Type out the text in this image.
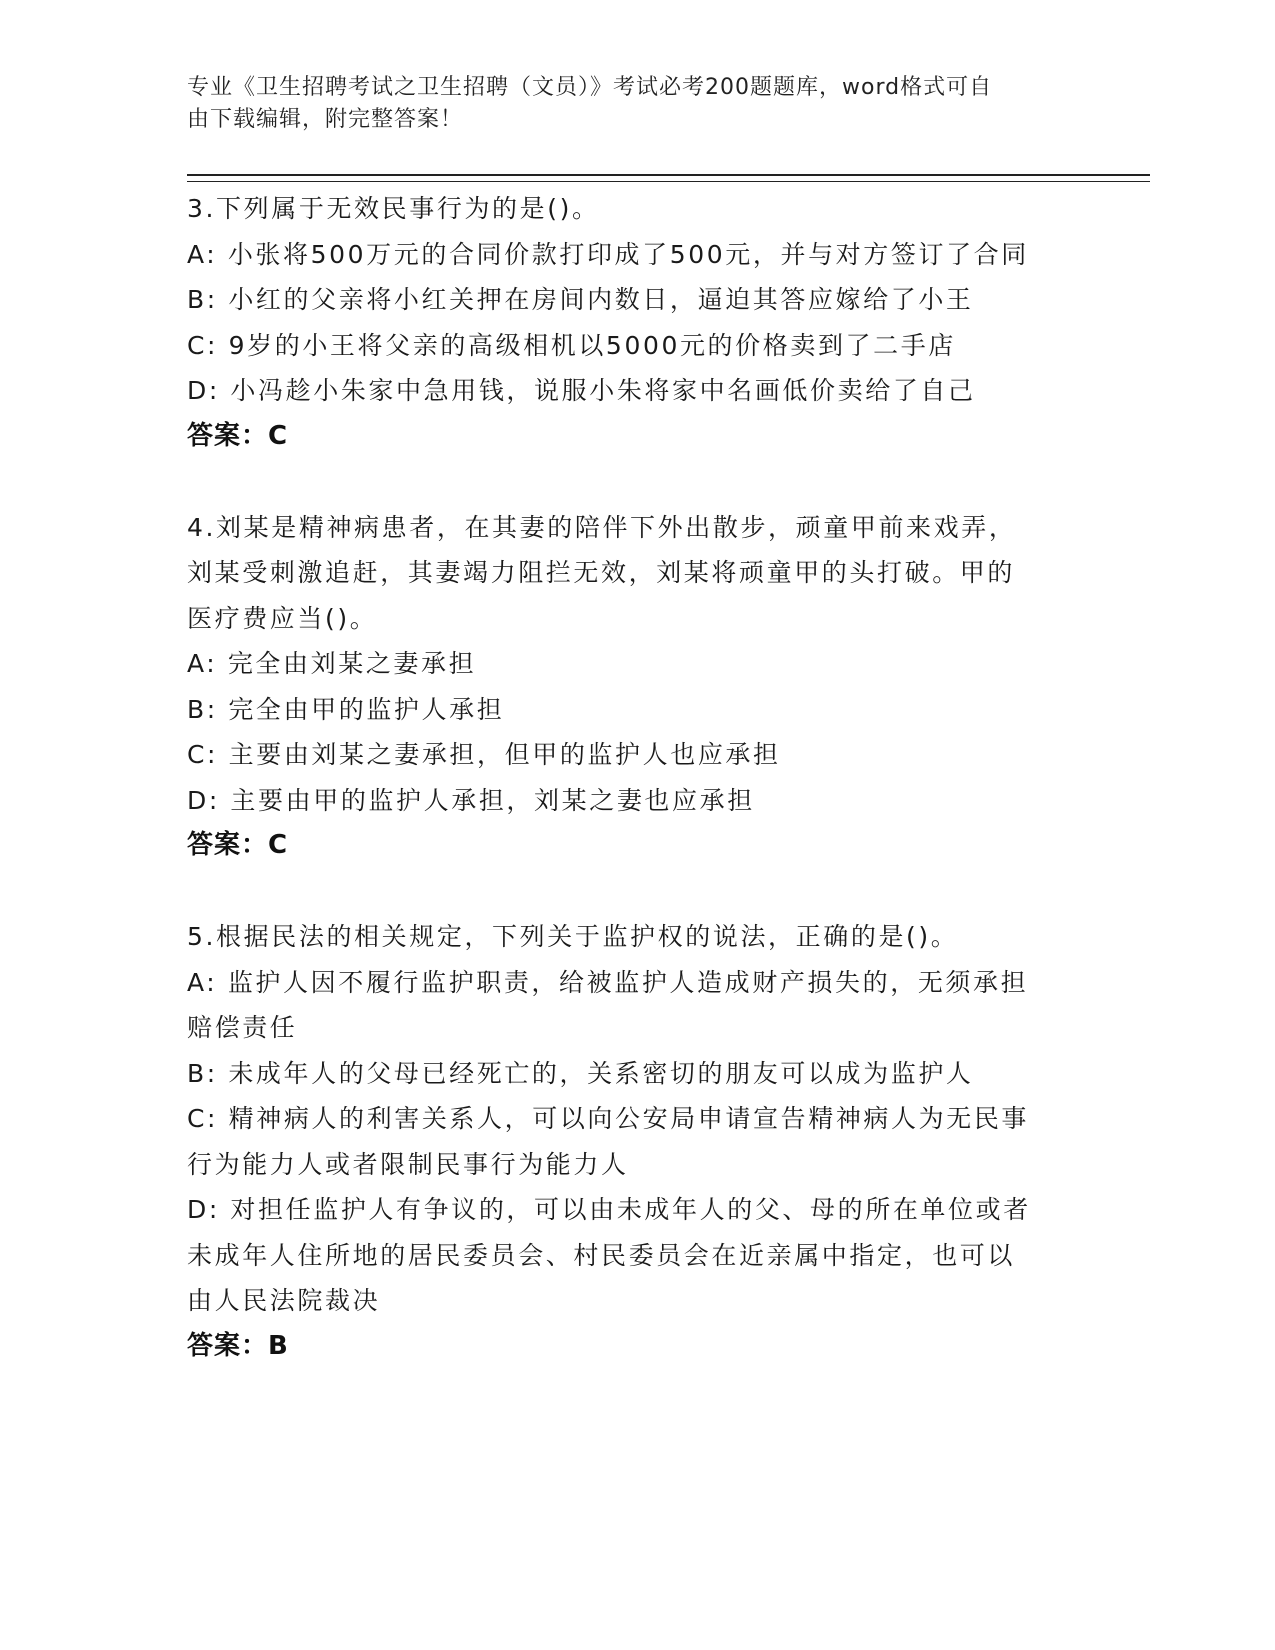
专业《卫生招聘考试之卫生招聘（文员）》考试必考200题题库，word格式可自
由下载编辑，附完整答案！
3.下列属于无效民事行为的是()。
A: 小张将500万元的合同价款打印成了500元，并与对方签订了合同
B: 小红的父亲将小红关押在房间内数日，逼迫其答应嫁给了小王
C: 9岁的小王将父亲的高级相机以5000元的价格卖到了二手店
D: 小冯趁小朱家中急用钱，说服小朱将家中名画低价卖给了自己
答案：C
4.刘某是精神病患者，在其妻的陪伴下外出散步，顽童甲前来戏弄，
刘某受刺激追赶，其妻竭力阻拦无效，刘某将顽童甲的头打破。甲的
医疗费应当()。
A: 完全由刘某之妻承担
B: 完全由甲的监护人承担
C: 主要由刘某之妻承担，但甲的监护人也应承担
D: 主要由甲的监护人承担，刘某之妻也应承担
答案：C
5.根据民法的相关规定，下列关于监护权的说法，正确的是()。
A: 监护人因不履行监护职责，给被监护人造成财产损失的，无须承担
赔偿责任
B: 未成年人的父母已经死亡的，关系密切的朋友可以成为监护人
C: 精神病人的利害关系人，可以向公安局申请宣告精神病人为无民事
行为能力人或者限制民事行为能力人
D: 对担任监护人有争议的，可以由未成年人的父、母的所在单位或者
未成年人住所地的居民委员会、村民委员会在近亲属中指定，也可以
由人民法院裁决
答案：B
